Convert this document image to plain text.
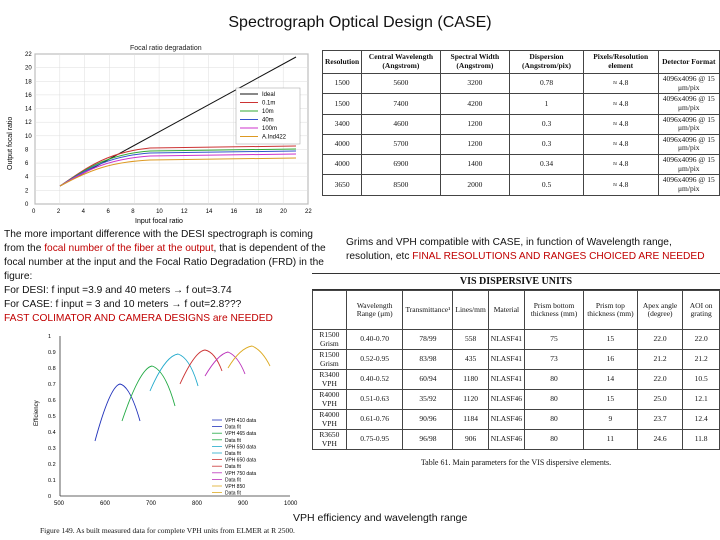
Spectrograph Optical Design (CASE)
Focal ratio degradation
0	2	4	6	8	10	12	14	16	18	20	22
0
2
4
6
8
10
12
14
16
18
20
22
Input focal ratio
Output focal ratio
Ideal
0.1m
10m
40m
100m
A.Ind422
Resolution	Central Wavelength (Angstrom)	Spectral Width (Angstrom)	Dispersion (Angstrom/pix)	Pixels/Resolution element	Detector Format
1500	5600	3200	0.78	≈ 4.8	4096x4096 @ 15 μm/pix
1500	7400	4200	1	≈ 4.8	4096x4096 @ 15 μm/pix
3400	4600	1200	0.3	≈ 4.8	4096x4096 @ 15 μm/pix
4000	5700	1200	0.3	≈ 4.8	4096x4096 @ 15 μm/pix
4000	6900	1400	0.34	≈ 4.8	4096x4096 @ 15 μm/pix
3650	8500	2000	0.5	≈ 4.8	4096x4096 @ 15 μm/pix
The more important difference with the DESI spectrograph is coming from the focal number of the fiber at the output, that is dependent of the focal number at the input and the Focal Ratio Degradation (FRD) in the figure:
For DESI: f input =3.9 and 40 meters → f out=3.74
For CASE: f input = 3 and 10 meters → f out=2.8???
FAST COLIMATOR AND CAMERA DESIGNS are NEEDED
Grims and VPH compatible with CASE, in function of Wavelength range, resolution, etc FINAL RESOLUTIONS AND RANGES CHOICED ARE NEEDED
VIS DISPERSIVE UNITS
	Wavelength Range (μm)	Transmittance¹	Lines/mm	Material	Prism bottom thickness (mm)	Prism top thickness (mm)	Apex angle (degree)	AOI on grating
R1500 Grism	0.40-0.70	78/99	558	NLASF41	75	15	22.0	22.0
R1500 Grism	0.52-0.95	83/98	435	NLASF41	73	16	21.2	21.2
R3400 VPH	0.40-0.52	60/94	1180	NLASF41	80	14	22.0	10.5
R4000 VPH	0.51-0.63	35/92	1120	NLASF46	80	15	25.0	12.1
R4000 VPH	0.61-0.76	90/96	1184	NLASF46	80	9	23.7	12.4
R3650 VPH	0.75-0.95	96/98	906	NLASF46	80	11	24.6	11.8
Table 61. Main parameters for the VIS dispersive elements.
500	600	700	800	900	1000
0
0.1
0.2
0.3
0.4
0.5
0.6
0.7
0.8
0.9
1
Efficiency	VPH 410 data
Data fit
VPH 465 data
Data fit
VPH 550 data
Data fit
VPH 650 data
Data fit
VPH 750 data
Data fit
VPH 850
Data fit
VPH efficiency and wavelength range
Figure 149. As built measured data for complete VPH units from ELMER at R 2500.
